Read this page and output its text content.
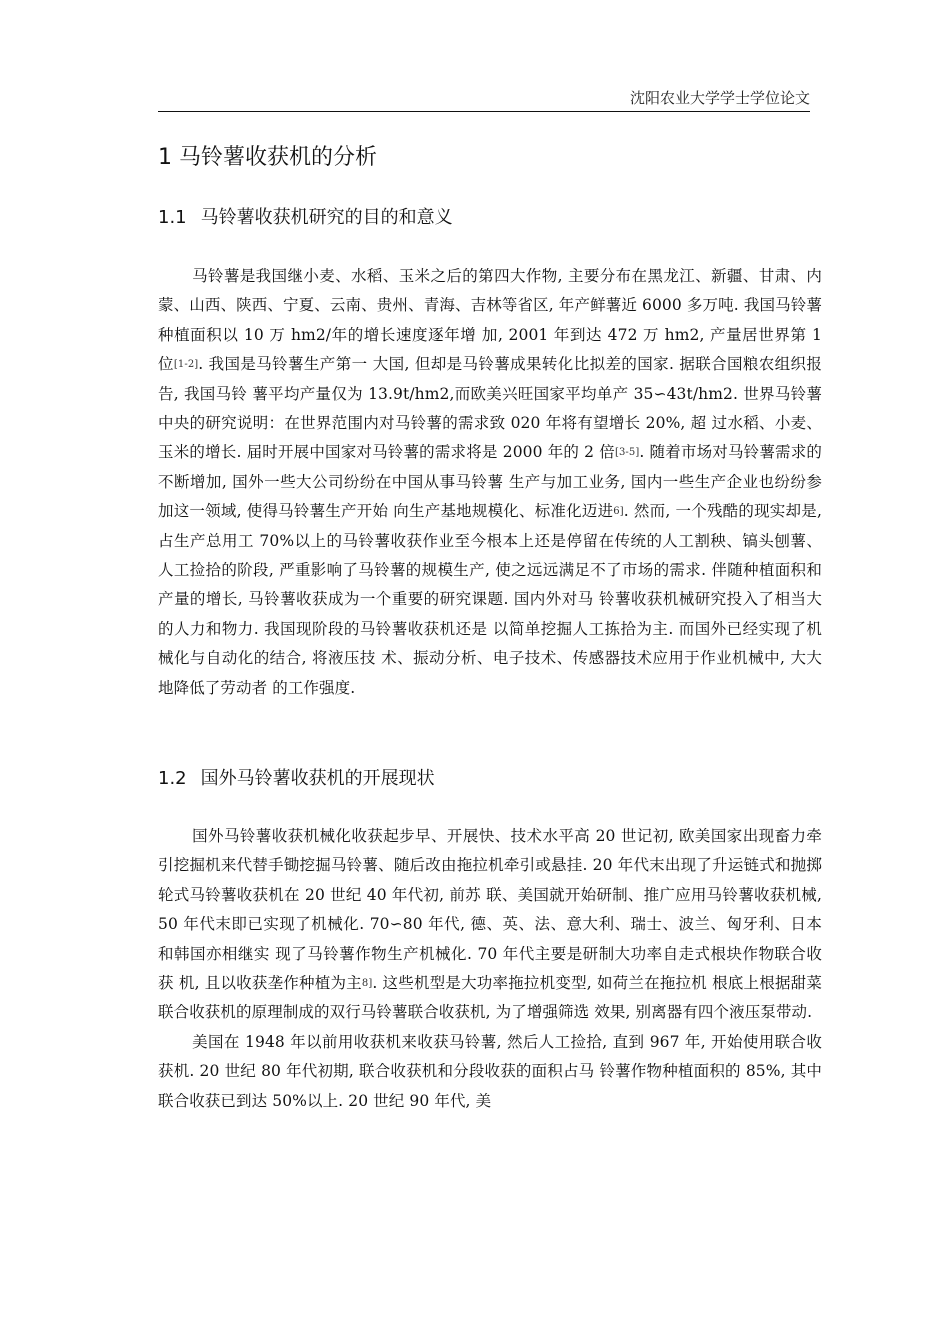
沈阳农业大学学士学位论文
1 马铃薯收获机的分析
1.1 马铃薯收获机研究的目的和意义

马铃薯是我国继小麦、水稻、玉米之后的第四大作物, 主要分布在黑龙江、新疆、甘肃、内蒙、山西、陕西、宁夏、云南、贵州、青海、吉林等省区, 年产鲜薯近 6000 多万吨. 我国马铃薯种植面积以 10 万 hm2/年的增长速度逐年增 加, 2001 年到达 472 万 hm2, 产量居世界第 1 位[1-2]. 我国是马铃薯生产第一 大国, 但却是马铃薯成果转化比拟差的国家. 据联合国粮农组织报告, 我国马铃 薯平均产量仅为 13.9t/hm2,而欧美兴旺国家平均单产 35∽43t/hm2. 世界马铃薯 中央的研究说明：在世界范围内对马铃薯的需求致 020 年将有望增长 20%, 超 过水稻、小麦、玉米的增长. 届时开展中国家对马铃薯的需求将是 2000 年的 2 倍[3-5]. 随着市场对马铃薯需求的不断增加, 国外一些大公司纷纷在中国从事马铃薯 生产与加工业务, 国内一些生产企业也纷纷参加这一领域, 使得马铃薯生产开始 向生产基地规模化、标准化迈进6]. 然而, 一个残酷的现实却是, 占生产总用工 70%以上的马铃薯收获作业至今根本上还是停留在传统的人工割秧、镐头刨薯、 人工捡拾的阶段, 严重影响了马铃薯的规模生产, 使之远远满足不了市场的需求. 伴随种植面积和产量的增长, 马铃薯收获成为一个重要的研究课题. 国内外对马 铃薯收获机械研究投入了相当大的人力和物力. 我国现阶段的马铃薯收获机还是 以简单挖掘人工拣拾为主. 而国外已经实现了机械化与自动化的结合, 将液压技 术、振动分析、电子技术、传感器技术应用于作业机械中, 大大地降低了劳动者 的工作强度.

1.2 国外马铃薯收获机的开展现状

国外马铃薯收获机械化收获起步早、开展快、技术水平高 20 世记初, 欧美国家出现畜力牵引挖掘机来代替手锄挖掘马铃薯、随后改由拖拉机牵引或悬挂. 20 年代末出现了升运链式和抛掷轮式马铃薯收获机在 20 世纪 40 年代初, 前苏 联、美国就开始研制、推广应用马铃薯收获机械, 50 年代末即已实现了机械化. 70∽80 年代, 德、英、法、意大利、瑞士、波兰、匈牙利、日本和韩国亦相继实 现了马铃薯作物生产机械化. 70 年代主要是研制大功率自走式根块作物联合收获 机, 且以收获垄作种植为主8]. 这些机型是大功率拖拉机变型, 如荷兰在拖拉机 根底上根据甜菜联合收获机的原理制成的双行马铃薯联合收获机, 为了增强筛选 效果, 别离器有四个液压泵带动.

美国在 1948 年以前用收获机来收获马铃薯, 然后人工捡拾, 直到 967 年, 开始使用联合收获机. 20 世纪 80 年代初期, 联合收获机和分段收获的面积占马 铃薯作物种植面积的 85%, 其中联合收获已到达 50%以上. 20 世纪 90 年代, 美
